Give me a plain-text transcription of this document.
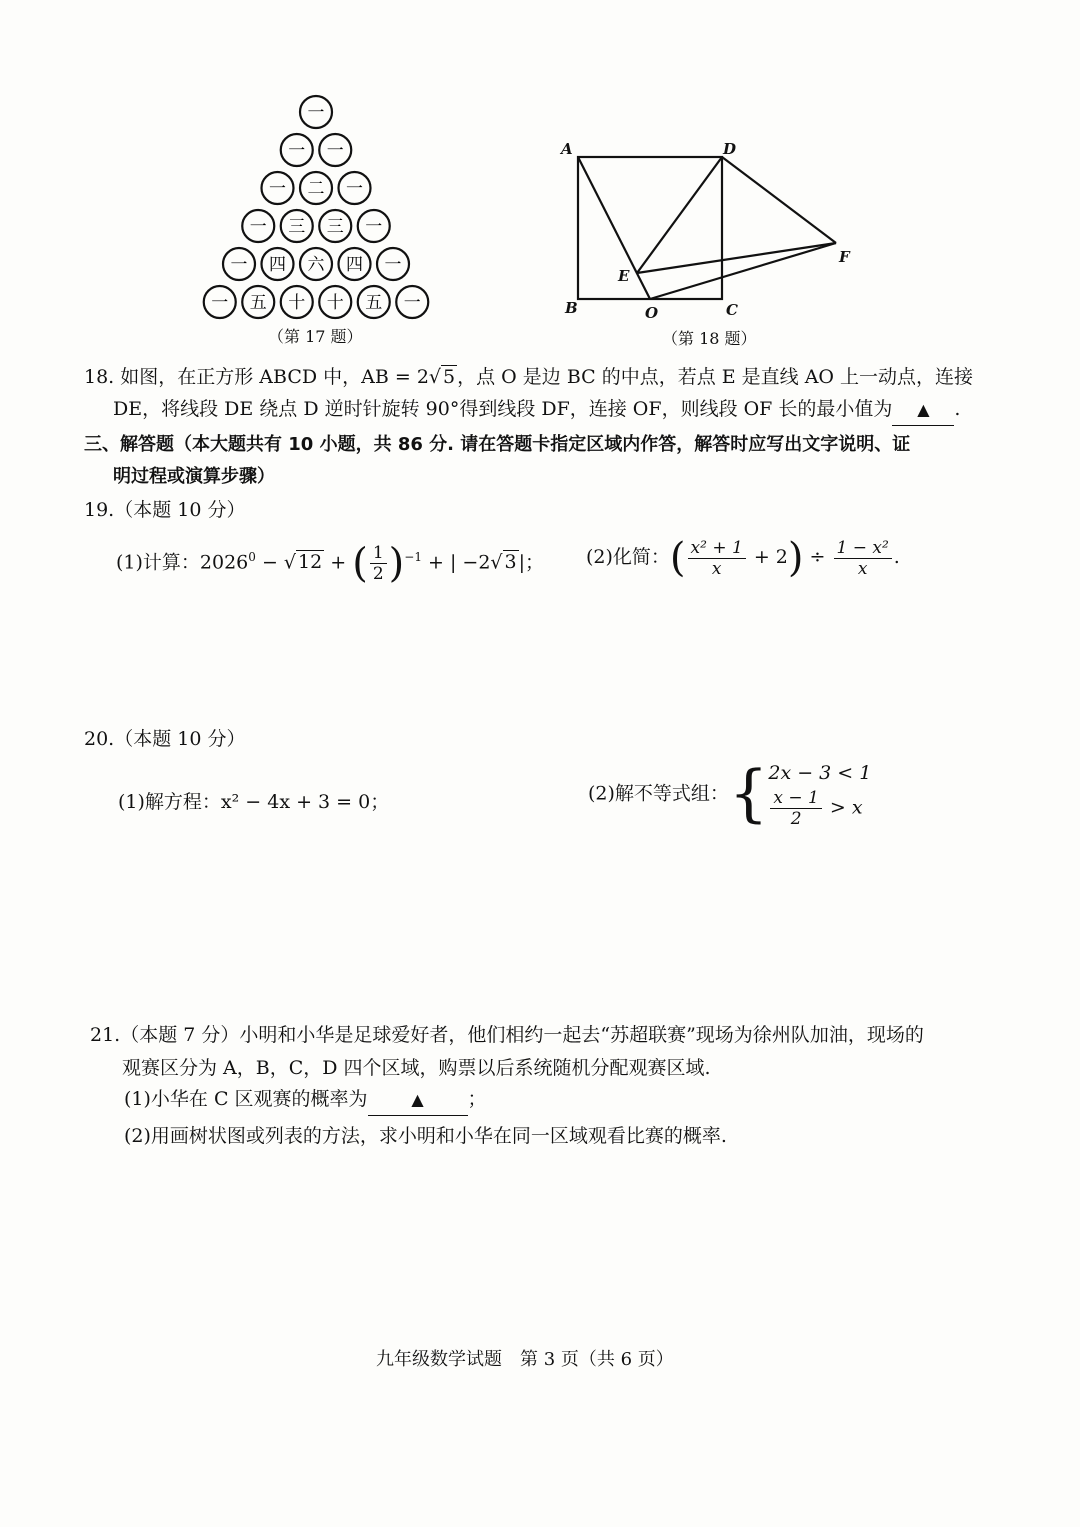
一
一 一
一 二 一
一 三 三 一
一 四 六 四 一
一 五 十 十 五 一
（第 17 题）
A	D
B	C
O
E
F
（第 18 题）
18. 如图，在正方形 ABCD 中，AB = 2√ 5 ，点 O 是边 BC 的中点，若点 E 是直线 AO 上一动点，连接
DE，将线段 DE 绕点 D 逆时针旋转 90°得到线段 DF，连接 OF，则线段 OF 长的最小值为 ▲ .
三、解答题（本大题共有 10 小题，共 86 分. 请在答题卡指定区域内作答，解答时应写出文字说明、证
明过程或演算步骤）
19.（本题 10 分）
(1)计算：$2026^0$ − √ 12 + ( $\frac{1}{2} )^{-1}$ + | −2√ 3 |； (2)化简：( $\frac{\text{x² + 1}}{x} + 2) \div \frac{\text{1 − x²}}{x}$ .
20.（本题 10 分）
(1)解方程：x² − 4x + 3 = 0；	(2)解不等式组：{ 2x − 3 < 1
$\frac{x - 1}{2} > x$
21.（本题 7 分）小明和小华是足球爱好者，他们相约一起去“苏超联赛”现场为徐州队加油，现场的
观赛区分为 A，B，C，D 四个区域，购票以后系统随机分配观赛区域.
(1)小华在 C 区观赛的概率为	▲ ；
(2)用画树状图或列表的方法，求小明和小华在同一区域观看比赛的概率.
九年级数学试题　第 3 页（共 6 页）
